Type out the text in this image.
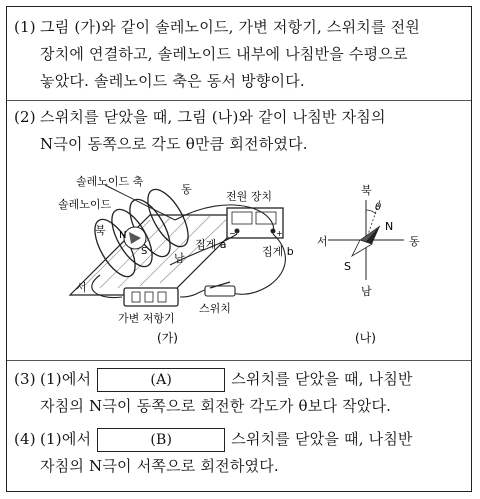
(1) 그림 (가)와 같이 솔레노이드, 가변 저항기, 스위치를 전원
장치에 연결하고, 솔레노이드 내부에 나침반을 수평으로
놓았다. 솔레노이드 축은 동서 방향이다.
(2) 스위치를 닫았을 때, 그림 (나)와 같이 나침반 자침의
N극이 동쪽으로 각도 θ만큼 회전하였다.
N
S
솔레노이드 축
동
솔레노이드
북
남
서
전원 장치
−	+
집게 a
집게 b
가변 저항기
스위치
(가)
북
θ
N
서	동
S
남
(나)
(3) (1)에서	(A)	스위치를 닫았을 때, 나침반
자침의 N극이 동쪽으로 회전한 각도가 θ보다 작았다.
(4) (1)에서	(B)	스위치를 닫았을 때, 나침반
자침의 N극이 서쪽으로 회전하였다.
